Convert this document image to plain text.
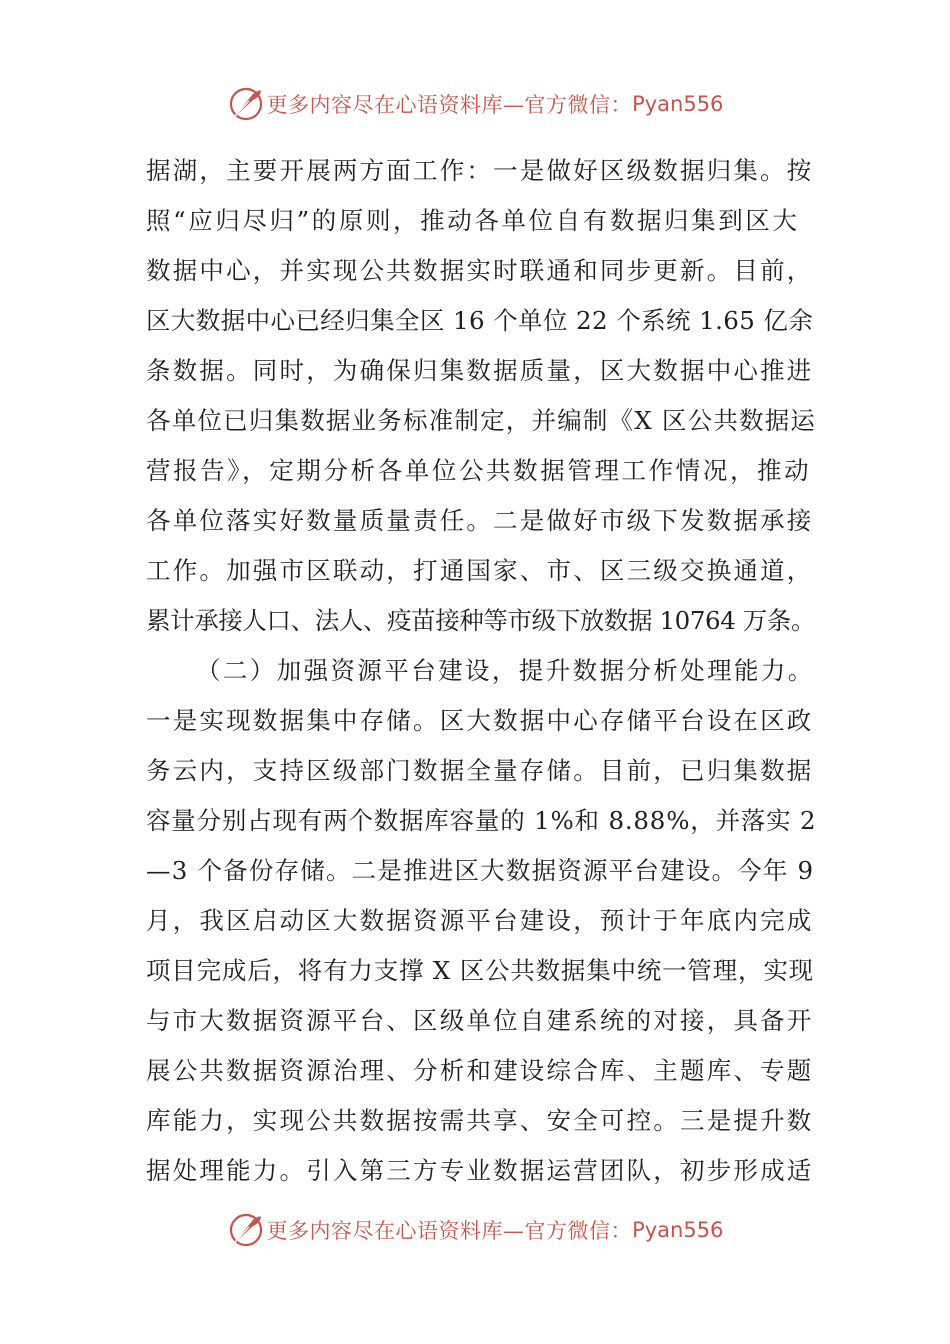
更多内容尽在心语资料库—官方微信： Pyan556
据湖，主要开展两方面工作：一是做好区级数据归集。按
照“应归尽归”的原则，推动各单位自有数据归集到区大
数据中心，并实现公共数据实时联通和同步更新。目前，
区大数据中心已经归集全区 16 个单位 22 个系统 1.65 亿余
条数据。同时，为确保归集数据质量，区大数据中心推进
各单位已归集数据业务标准制定，并编制《X 区公共数据运
营报告》，定期分析各单位公共数据管理工作情况，推动
各单位落实好数量质量责任。二是做好市级下发数据承接
工作。加强市区联动，打通国家、市、区三级交换通道，
累计承接人口、法人、疫苗接种等市级下放数据 10764 万条。
（二）加强资源平台建设，提升数据分析处理能力。
一是实现数据集中存储。区大数据中心存储平台设在区政
务云内，支持区级部门数据全量存储。目前，已归集数据
容量分别占现有两个数据库容量的 1%和 8.88%，并落实 2
—3 个备份存储。二是推进区大数据资源平台建设。今年 9
月，我区启动区大数据资源平台建设，预计于年底内完成
项目完成后，将有力支撑 X 区公共数据集中统一管理，实现
与市大数据资源平台、区级单位自建系统的对接，具备开
展公共数据资源治理、分析和建设综合库、主题库、专题
库能力，实现公共数据按需共享、安全可控。三是提升数
据处理能力。引入第三方专业数据运营团队，初步形成适
更多内容尽在心语资料库—官方微信： Pyan556
